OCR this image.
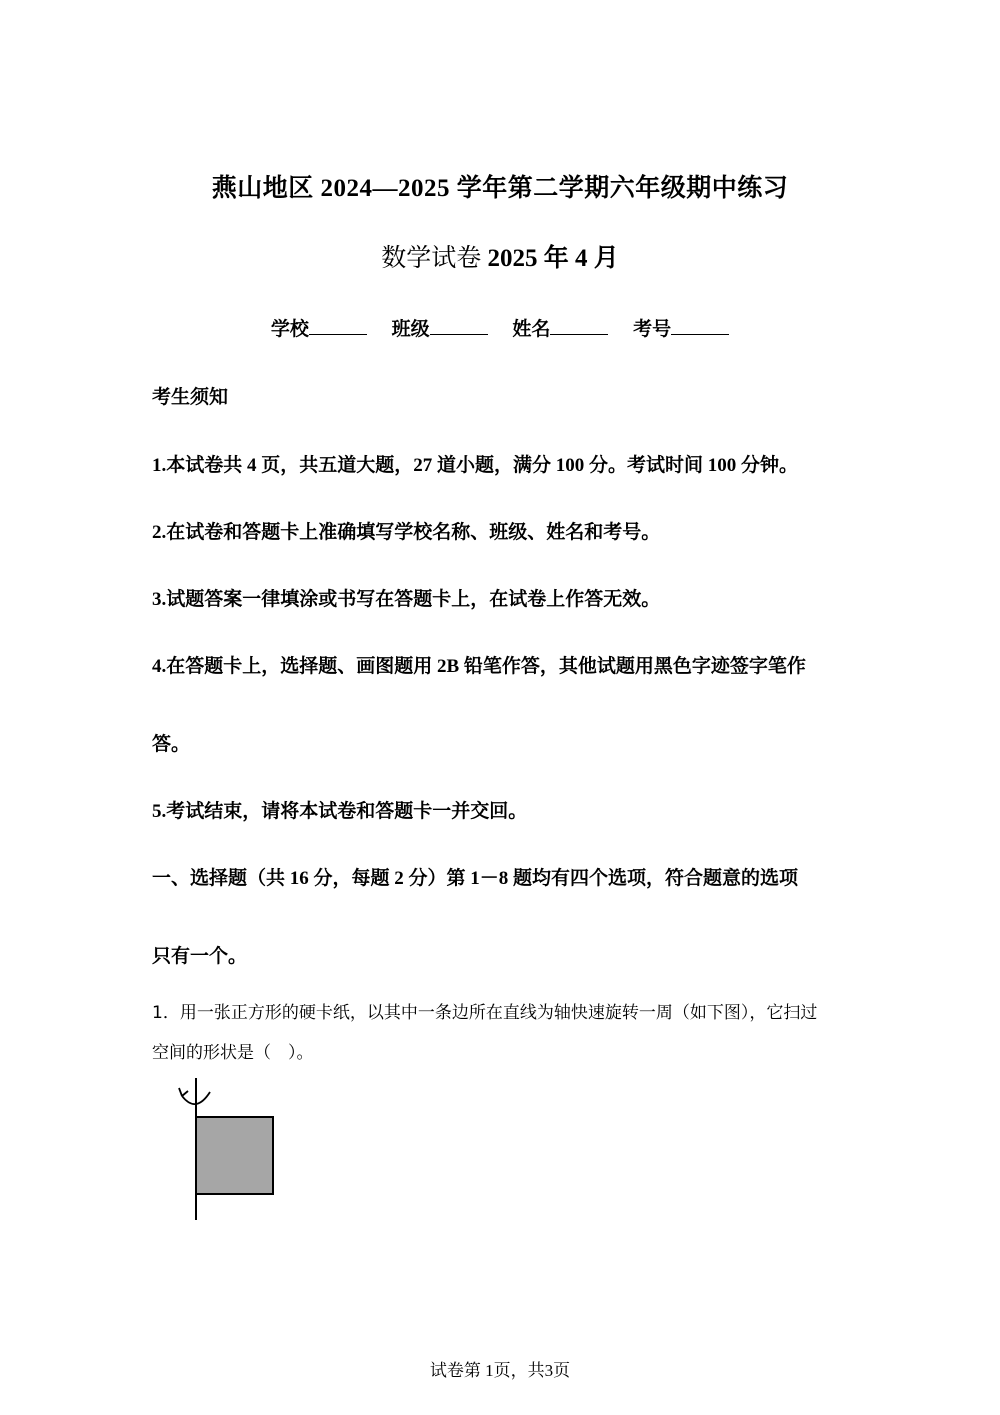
燕山地区 2024—2025 学年第二学期六年级期中练习
数学试卷 2025 年 4 月
学校	班级	姓名	考号
考生须知
1.本试卷共 4 页，共五道大题，27 道小题，满分 100 分。考试时间 100 分钟。
2.在试卷和答题卡上准确填写学校名称、班级、姓名和考号。
3.试题答案一律填涂或书写在答题卡上，在试卷上作答无效。
4.在答题卡上，选择题、画图题用 2B 铅笔作答，其他试题用黑色字迹签字笔作
答。
5.考试结束，请将本试卷和答题卡一并交回。
一、选择题（共 16 分，每题 2 分）第 1－8 题均有四个选项，符合题意的选项
只有一个。
1．用一张正方形的硬卡纸，以其中一条边所在直线为轴快速旋转一周（如下图），它扫过
空间的形状是（　）。
试卷第 1页，共3页
